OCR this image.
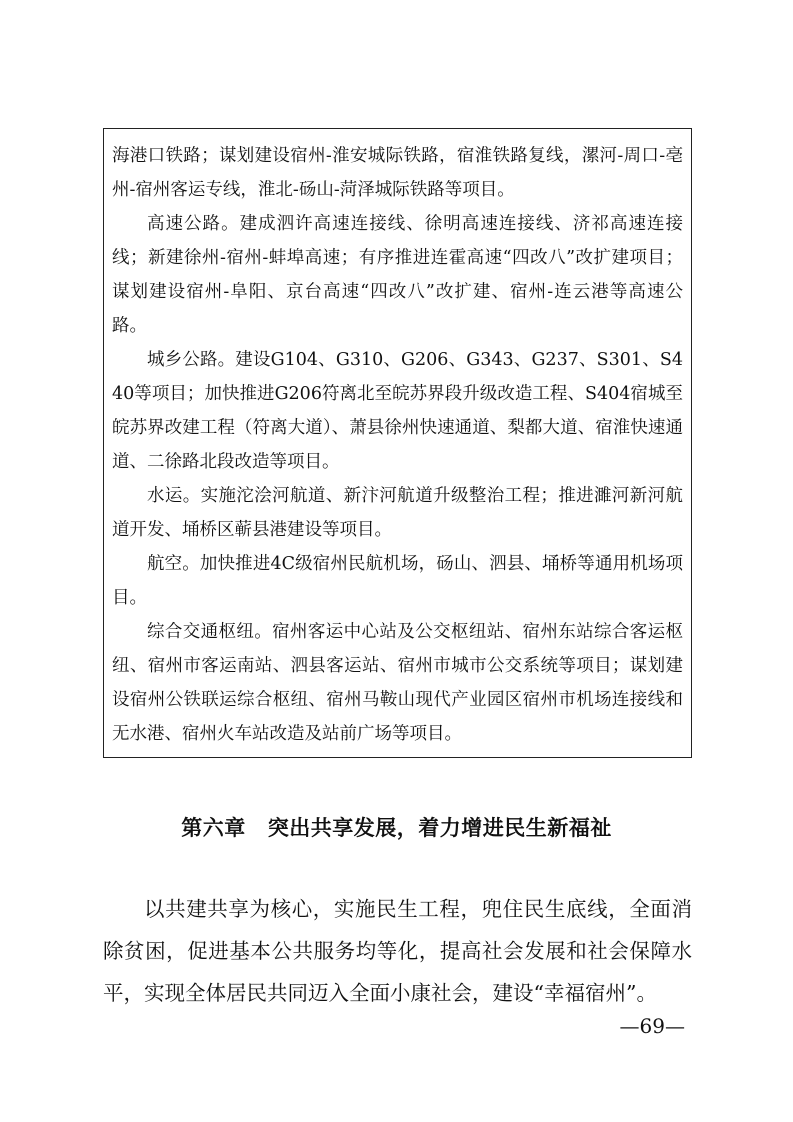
海港口铁路；谋划建设宿州-淮安城际铁路，宿淮铁路复线，漯河-周口-亳州-宿州客运专线，淮北-砀山-菏泽城际铁路等项目。

高速公路。建成泗许高速连接线、徐明高速连接线、济祁高速连接线；新建徐州-宿州-蚌埠高速；有序推进连霍高速“四改八”改扩建项目；谋划建设宿州-阜阳、京台高速“四改八”改扩建、宿州-连云港等高速公路。

城乡公路。建设G104、G310、G206、G343、G237、S301、S440等项目；加快推进G206符离北至皖苏界段升级改造工程、S404宿城至皖苏界改建工程（符离大道）、萧县徐州快速通道、梨都大道、宿淮快速通道、二徐路北段改造等项目。

水运。实施沱浍河航道、新汴河航道升级整治工程；推进濉河新河航道开发、埇桥区蕲县港建设等项目。

航空。加快推进4C级宿州民航机场，砀山、泗县、埇桥等通用机场项目。

综合交通枢纽。宿州客运中心站及公交枢纽站、宿州东站综合客运枢纽、宿州市客运南站、泗县客运站、宿州市城市公交系统等项目；谋划建设宿州公铁联运综合枢纽、宿州马鞍山现代产业园区宿州市机场连接线和无水港、宿州火车站改造及站前广场等项目。

第六章 突出共享发展，着力增进民生新福祉

以共建共享为核心，实施民生工程，兜住民生底线，全面消除贫困，促进基本公共服务均等化，提高社会发展和社会保障水平，实现全体居民共同迈入全面小康社会，建设“幸福宿州”。

—69—
